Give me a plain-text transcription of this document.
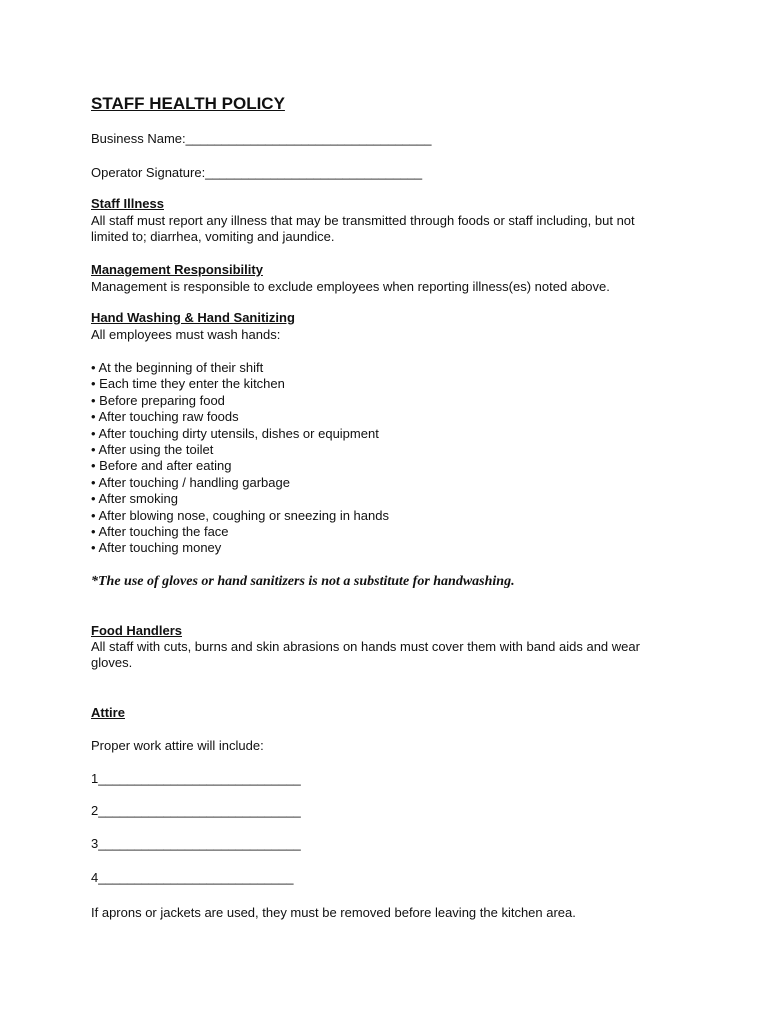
STAFF HEALTH POLICY

Business Name:__________________________________

Operator Signature:______________________________

Staff Illness

All staff must report any illness that may be transmitted through foods or staff including, but not

limited to; diarrhea, vomiting and jaundice.

Management Responsibility

Management is responsible to exclude employees when reporting illness(es) noted above.

Hand Washing & Hand Sanitizing

All employees must wash hands:

• At the beginning of their shift
• Each time they enter the kitchen
• Before preparing food
• After touching raw foods
• After touching dirty utensils, dishes or equipment
• After using the toilet
• Before and after eating
• After touching / handling garbage
• After smoking
• After blowing nose, coughing or sneezing in hands
• After touching the face
• After touching money

*The use of gloves or hand sanitizers is not a substitute for handwashing.

Food Handlers

All staff with cuts, burns and skin abrasions on hands must cover them with band aids and wear

gloves.

Attire

Proper work attire will include:

1____________________________

2____________________________

3____________________________

4___________________________

If aprons or jackets are used, they must be removed before leaving the kitchen area.
